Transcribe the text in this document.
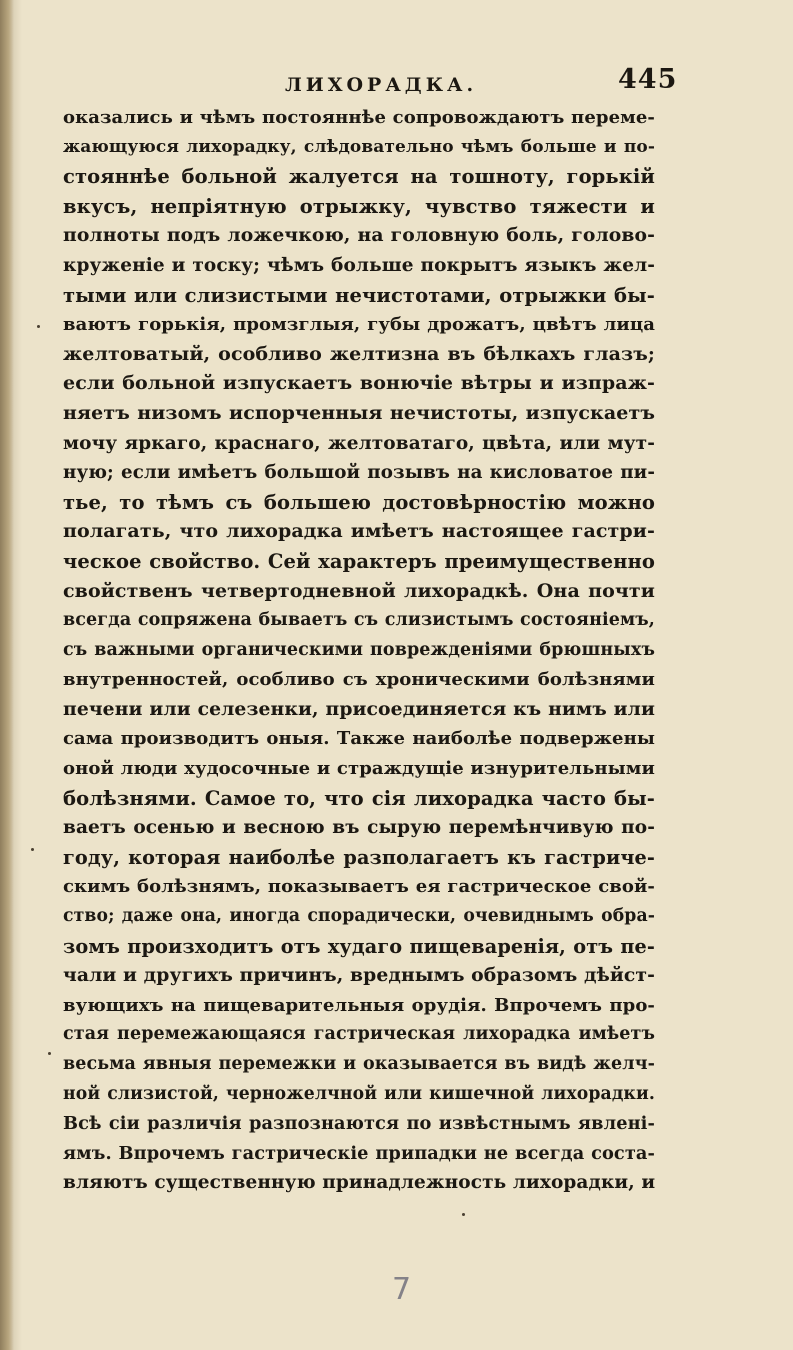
ЛИХОРАДКА.	445
оказались и чѣмъ постояннѣе сопровождаютъ переме-
жающуюся лихорадку, слѣдовательно чѣмъ больше и по-
стояннѣе больной жалуется на тошноту, горькій
вкусъ, непріятную отрыжку, чувство тяжести и
полноты подъ ложечкою, на головную боль, голово-
круженіе и тоску; чѣмъ больше покрытъ языкъ жел-
тыми или слизистыми нечистотами, отрыжки бы-
ваютъ горькія, промзглыя, губы дрожатъ, цвѣтъ лица
желтоватый, особливо желтизна въ бѣлкахъ глазъ;
если больной изпускаетъ вонючіе вѣтры и изпраж-
няетъ низомъ испорченныя нечистоты, изпускаетъ
мочу яркаго, краснаго, желтоватаго, цвѣта, или мут-
ную; если имѣетъ большой позывъ на кисловатое пи-
тье, то тѣмъ съ большею достовѣрностію можно
полагать, что лихорадка имѣетъ настоящее гастри-
ческое свойство. Сей характеръ преимущественно
свойственъ четвертодневной лихорадкѣ. Она почти
всегда сопряжена бываетъ съ слизистымъ состояніемъ,
съ важными органическими поврежденіями брюшныхъ
внутренностей, особливо съ хроническими болѣзнями
печени или селезенки, присоединяется къ нимъ или
сама производитъ оныя. Также наиболѣе подвержены
оной люди худосочные и страждущіе изнурительными
болѣзнями. Самое то, что сія лихорадка часто бы-
ваетъ осенью и весною въ сырую перемѣнчивую по-
году, которая наиболѣе разполагаетъ къ гастриче-
скимъ болѣзнямъ, показываетъ ея гастрическое свой-
ство; даже она, иногда спорадически, очевиднымъ обра-
зомъ произходитъ отъ худаго пищеваренія, отъ пе-
чали и другихъ причинъ, вреднымъ образомъ дѣйст-
вующихъ на пищеварительныя орудія. Впрочемъ про-
стая перемежающаяся гастрическая лихорадка имѣетъ
весьма явныя перемежки и оказывается въ видѣ желч-
ной слизистой, черножелчной или кишечной лихорадки.
Всѣ сіи различія разпознаются по извѣстнымъ явлені-
ямъ. Впрочемъ гастрическіе припадки не всегда соста-
вляютъ существенную принадлежность лихорадки, и
7
